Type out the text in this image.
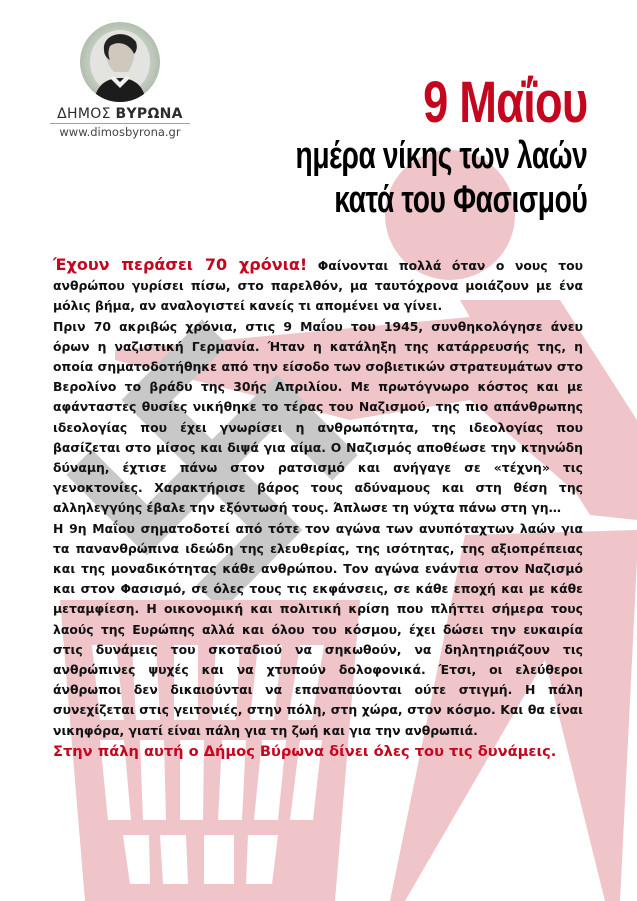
ΔΗΜΟΣ ΒΥΡΩΝΑ
www.dimosbyrona.gr	9 Μαΐου
ημέρα νίκης των λαών
κατά του Φασισμού

Έχουν περάσει 70 χρόνια! Φαίνονται πολλά όταν ο νους του ανθρώπου γυρίσει πίσω, στο παρελθόν, μα ταυτόχρονα μοιάζουν με ένα μόλις βήμα, αν αναλογιστεί κανείς τι απομένει να γίνει.

Πριν 70 ακριβώς χρόνια, στις 9 Μαΐου του 1945, συνθηκολόγησε άνευ όρων η ναζιστική Γερμανία. Ήταν η κατάληξη της κατάρρευσής της, η οποία σηματοδοτήθηκε από την είσοδο των σοβιετικών στρατευμάτων στο Βερολίνο το βράδυ της 30ής Απριλίου. Με πρωτόγνωρο κόστος και με αφάνταστες θυσίες νικήθηκε το τέρας του Ναζισμού, της πιο απάνθρωπης ιδεολογίας που έχει γνωρίσει η ανθρωπότητα, της ιδεολογίας που βασίζεται στο μίσος και διψά για αίμα. Ο Ναζισμός αποθέωσε την κτηνώδη δύναμη, έχτισε πάνω στον ρατσισμό και ανήγαγε σε «τέχνη» τις γενοκτονίες. Χαρακτήρισε βάρος τους αδύναμους και στη θέση της αλληλεγγύης έβαλε την εξόντωσή τους. Άπλωσε τη νύχτα πάνω στη γη…

Η 9η Μαΐου σηματοδοτεί από τότε τον αγώνα των ανυπόταχτων λαών για τα πανανθρώπινα ιδεώδη της ελευθερίας, της ισότητας, της αξιοπρέπειας και της μοναδικότητας κάθε ανθρώπου. Τον αγώνα ενάντια στον Ναζισμό και στον Φασισμό, σε όλες τους τις εκφάνσεις, σε κάθε εποχή και με κάθε μεταμφίεση. Η οικονομική και πολιτική κρίση που πλήττει σήμερα τους λαούς της Ευρώπης αλλά και όλου του κόσμου, έχει δώσει την ευκαιρία στις δυνάμεις του σκοταδιού να σηκωθούν, να δηλητηριάζουν τις ανθρώπινες ψυχές και να χτυπούν δολοφονικά. Έτσι, οι ελεύθεροι άνθρωποι δεν δικαιούνται να επαναπαύονται ούτε στιγμή. Η πάλη συνεχίζεται στις γειτονιές, στην πόλη, στη χώρα, στον κόσμο. Και θα είναι νικηφόρα, γιατί είναι πάλη για τη ζωή και για την ανθρωπιά.

Στην πάλη αυτή ο Δήμος Βύρωνα δίνει όλες του τις δυνάμεις.
